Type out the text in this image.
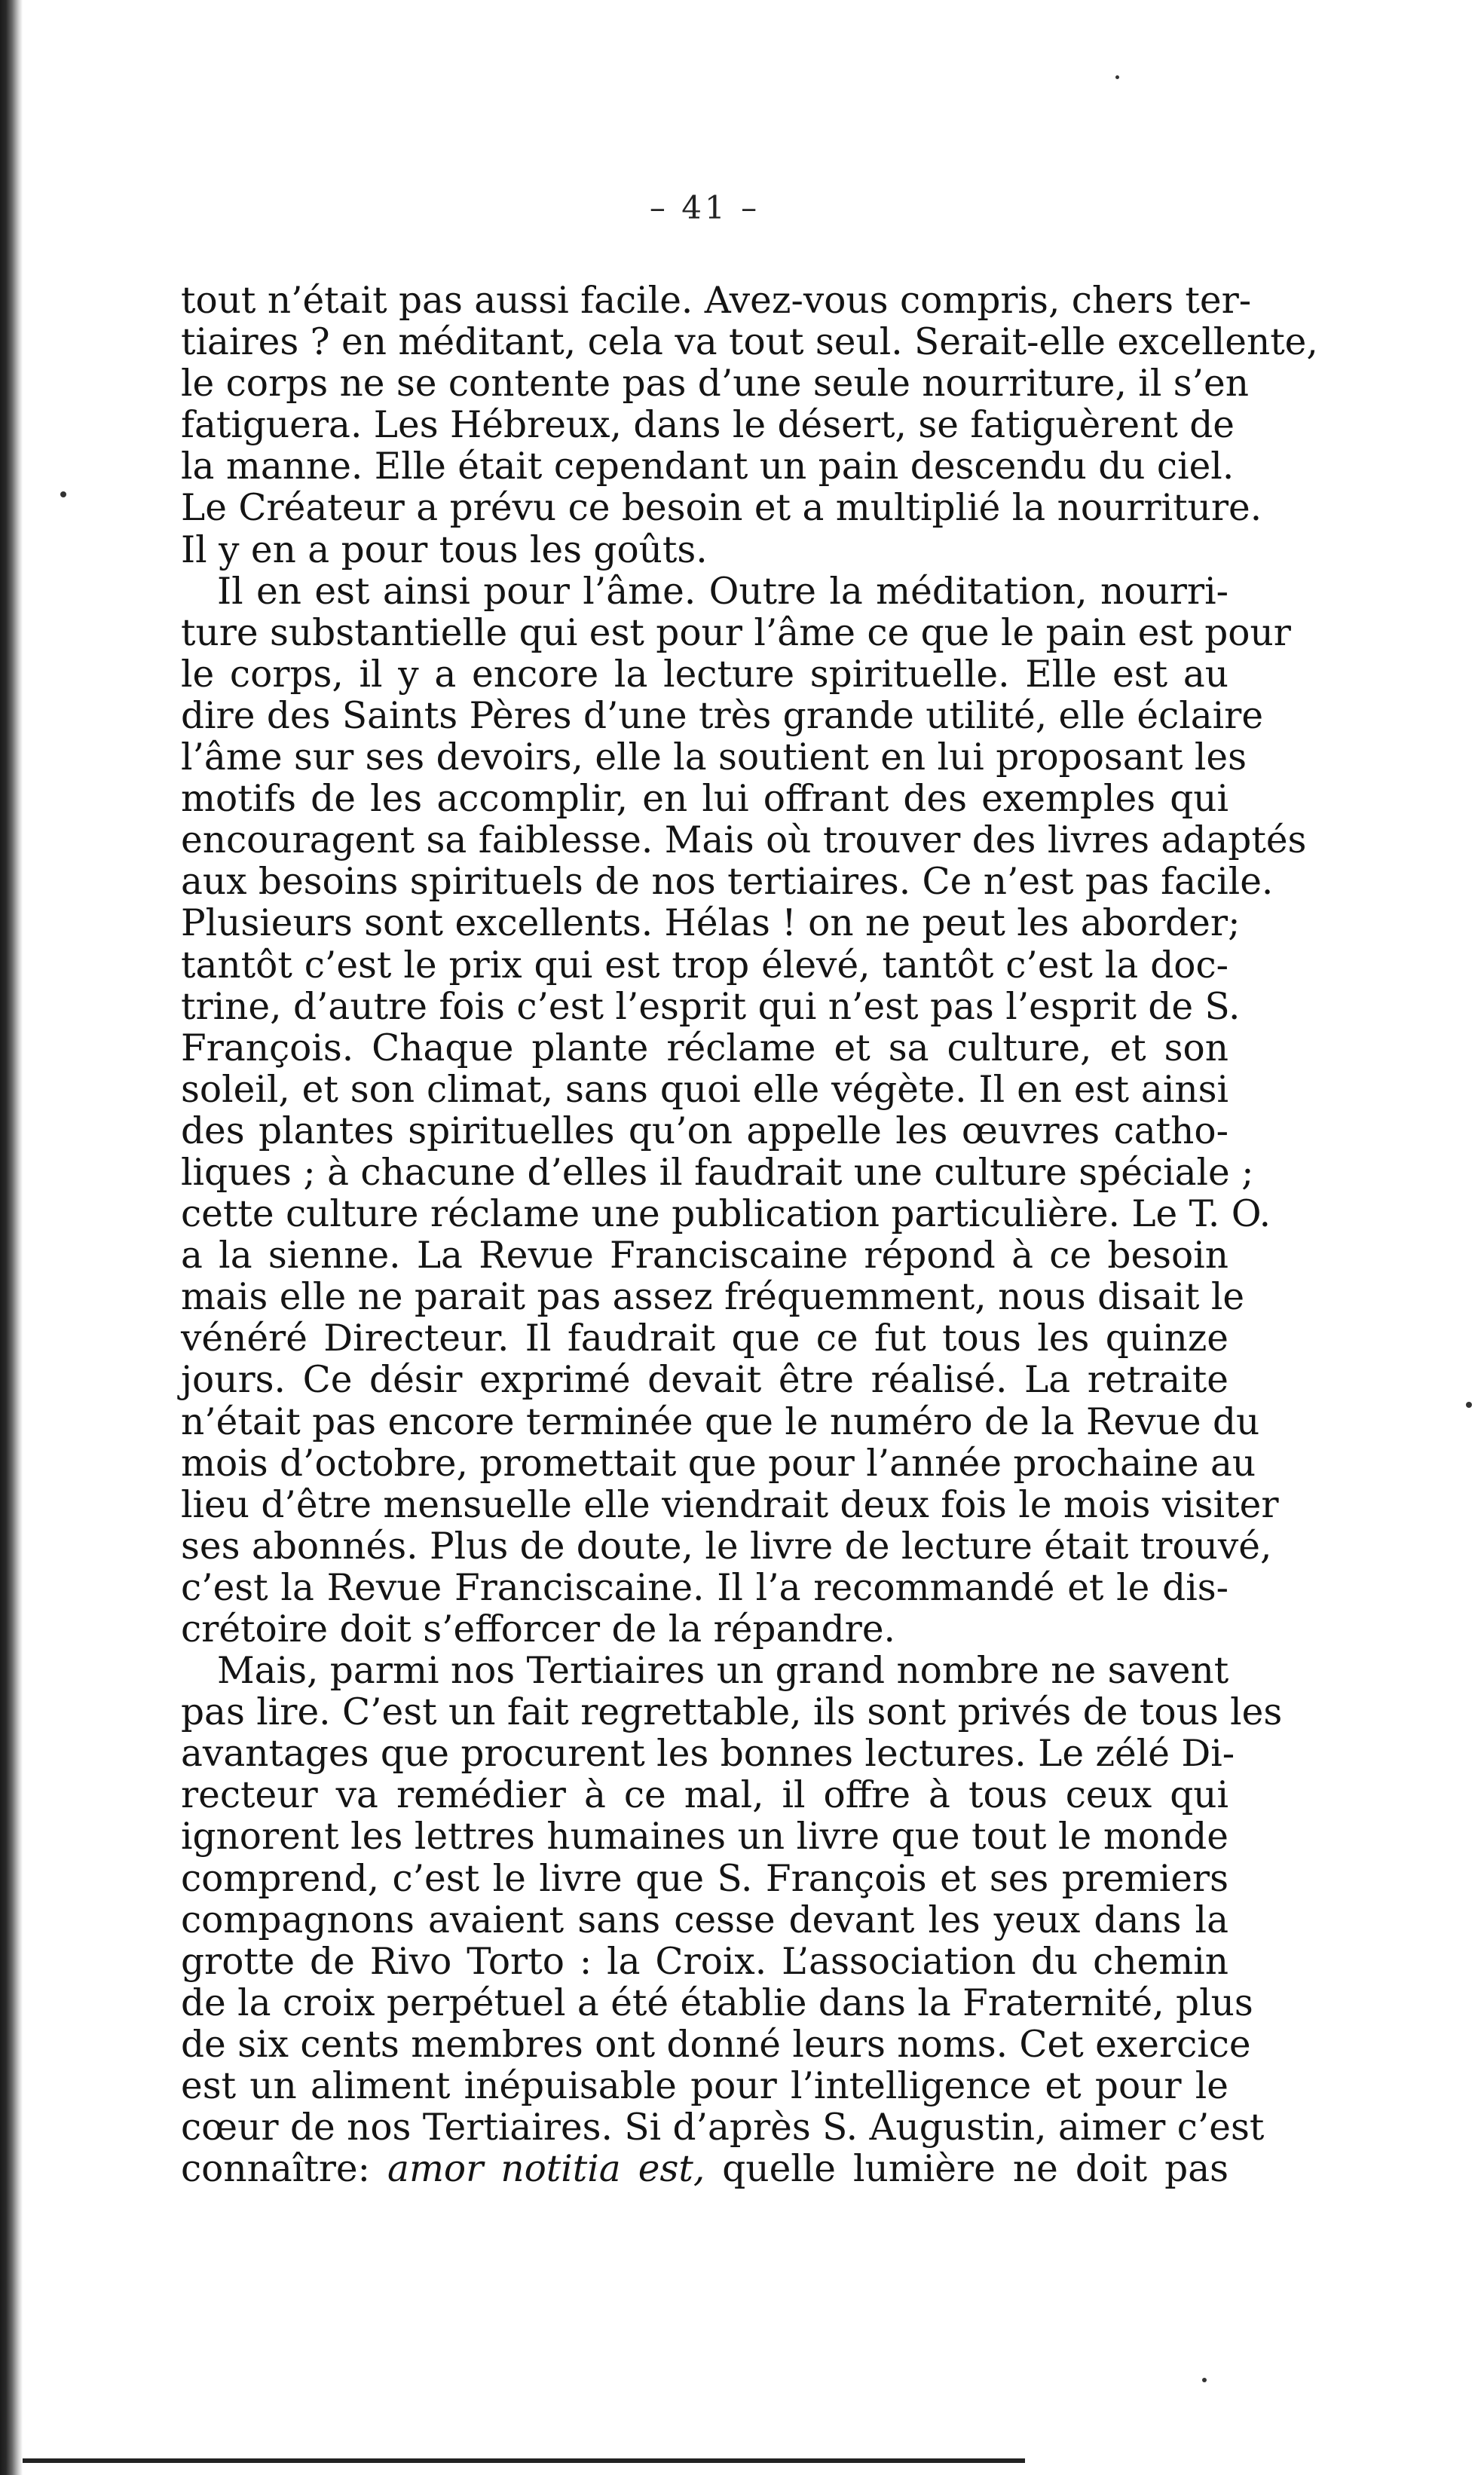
– 41 –
tout n’était pas aussi facile. Avez-vous compris, chers ter-
tiaires ? en méditant, cela va tout seul. Serait-elle excellente,
le corps ne se contente pas d’une seule nourriture, il s’en
fatiguera. Les Hébreux, dans le désert, se fatiguèrent de
la manne. Elle était cependant un pain descendu du ciel.
Le Créateur a prévu ce besoin et a multiplié la nourriture.
Il y en a pour tous les goûts.
Il en est ainsi pour l’âme. Outre la méditation, nourri-
ture substantielle qui est pour l’âme ce que le pain est pour
le corps, il y a encore la lecture spirituelle. Elle est au
dire des Saints Pères d’une très grande utilité, elle éclaire
l’âme sur ses devoirs, elle la soutient en lui proposant les
motifs de les accomplir, en lui offrant des exemples qui
encouragent sa faiblesse. Mais où trouver des livres adaptés
aux besoins spirituels de nos tertiaires. Ce n’est pas facile.
Plusieurs sont excellents. Hélas ! on ne peut les aborder;
tantôt c’est le prix qui est trop élevé, tantôt c’est la doc-
trine, d’autre fois c’est l’esprit qui n’est pas l’esprit de S.
François. Chaque plante réclame et sa culture, et son
soleil, et son climat, sans quoi elle végète. Il en est ainsi
des plantes spirituelles qu’on appelle les œuvres catho-
liques ; à chacune d’elles il faudrait une culture spéciale ;
cette culture réclame une publication particulière. Le T. O.
a la sienne. La Revue Franciscaine répond à ce besoin
mais elle ne parait pas assez fréquemment, nous disait le
vénéré Directeur. Il faudrait que ce fut tous les quinze
jours. Ce désir exprimé devait être réalisé. La retraite
n’était pas encore terminée que le numéro de la Revue du
mois d’octobre, promettait que pour l’année prochaine au
lieu d’être mensuelle elle viendrait deux fois le mois visiter
ses abonnés. Plus de doute, le livre de lecture était trouvé,
c’est la Revue Franciscaine. Il l’a recommandé et le dis-
crétoire doit s’efforcer de la répandre.
Mais, parmi nos Tertiaires un grand nombre ne savent
pas lire. C’est un fait regrettable, ils sont privés de tous les
avantages que procurent les bonnes lectures. Le zélé Di-
recteur va remédier à ce mal, il offre à tous ceux qui
ignorent les lettres humaines un livre que tout le monde
comprend, c’est le livre que S. François et ses premiers
compagnons avaient sans cesse devant les yeux dans la
grotte de Rivo Torto : la Croix. L’association du chemin
de la croix perpétuel a été établie dans la Fraternité, plus
de six cents membres ont donné leurs noms. Cet exercice
est un aliment inépuisable pour l’intelligence et pour le
cœur de nos Tertiaires. Si d’après S. Augustin, aimer c’est
connaître: amor notitia est, quelle lumière ne doit pas
